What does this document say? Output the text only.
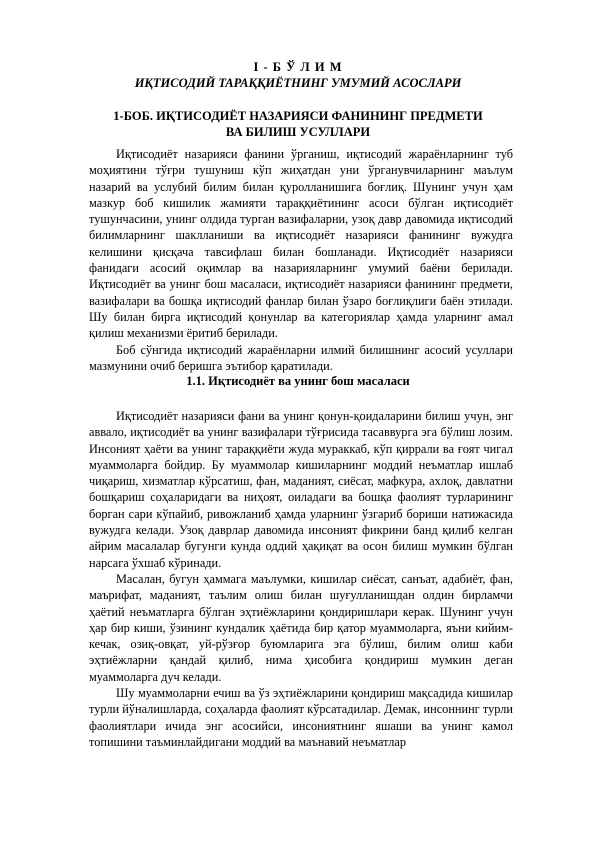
I - Б Ў Л И М
ИҚТИСОДИЙ ТАРАҚҚИЁТНИНГ УМУМИЙ АСОСЛАРИ
1-БОБ. ИҚТИСОДИЁТ НАЗАРИЯСИ ФАНИНИНГ ПРЕДМЕТИ
ВА БИЛИШ УСУЛЛАРИ

Иқтисодиёт назарияси фанини ўрганиш, иқтисодий жараёнларнинг туб моҳиятини тўғри тушуниш кўп жиҳатдан уни ўрганувчиларнинг маълум назарий ва услубий билим билан қуролланишига боғлиқ. Шунинг учун ҳам мазкур боб кишилик жамияти тараққиётининг асоси бўлган иқтисодиёт тушунчасини, унинг олдида турган вазифаларни, узоқ давр давомида иқтисодий билимларнинг шаклланиши ва иқтисодиёт назарияси фанининг вужудга келишини қисқача тавсифлаш билан бошланади. Иқтисодиёт назарияси фанидаги асосий оқимлар ва назарияларнинг умумий баёни берилади. Иқтисодиёт ва унинг бош масаласи, иқтисодиёт назарияси фанининг предмети, вазифалари ва бошқа иқтисодий фанлар билан ўзаро боғлиқлиги баён этилади. Шу билан бирга иқтисодий қонунлар ва категориялар ҳамда уларнинг амал қилиш механизми ёритиб берилади.

Боб сўнгида иқтисодий жараёнларни илмий билишнинг асосий усуллари мазмунини очиб беришга эътибор қаратилади.

1.1. Иқтисодиёт ва унинг бош масаласи

Иқтисодиёт назарияси фани ва унинг қонун-қоидаларини билиш учун, энг аввало, иқтисодиёт ва унинг вазифалари тўғрисида тасаввурга эга бўлиш лозим. Инсоният ҳаёти ва унинг тараққиёти жуда мураккаб, кўп қиррали ва ғоят чигал муаммоларга бойдир. Бу муаммолар кишиларнинг моддий неъматлар ишлаб чиқариш, хизматлар кўрсатиш, фан, маданият, сиёсат, мафкура, ахлоқ, давлатни бошқариш соҳаларидаги ва ниҳоят, оиладаги ва бошқа фаолият турларининг борган сари кўпайиб, ривожланиб ҳамда уларнинг ўзгариб бориши натижасида вужудга келади. Узоқ даврлар давомида инсоният фикрини банд қилиб келган айрим масалалар бугунги кунда оддий ҳақиқат ва осон билиш мумкин бўлган нарсага ўхшаб кўринади.

Масалан, бугун ҳаммага маълумки, кишилар сиёсат, санъат, адабиёт, фан, маърифат, маданият, таълим олиш билан шуғулланишдан олдин бирламчи ҳаётий неъматларга бўлган эҳтиёжларини қондиришлари керак. Шунинг учун ҳар бир киши, ўзининг кундалик ҳаётида бир қатор муаммоларга, яъни кийим-кечак, озиқ-овқат, уй-рўзғор буюмларига эга бўлиш, билим олиш каби эҳтиёжларни қандай қилиб, нима ҳисобига қондириш мумкин деган муаммоларга дуч келади.

Шу муаммоларни ечиш ва ўз эҳтиёжларини қондириш мақсадида кишилар турли йўналишларда, соҳаларда фаолият кўрсатадилар. Демак, инсоннинг турли фаолиятлари ичида энг асосийси, инсониятнинг яшаши ва унинг камол топишини таъминлайдигани моддий ва маънавий неъматлар
